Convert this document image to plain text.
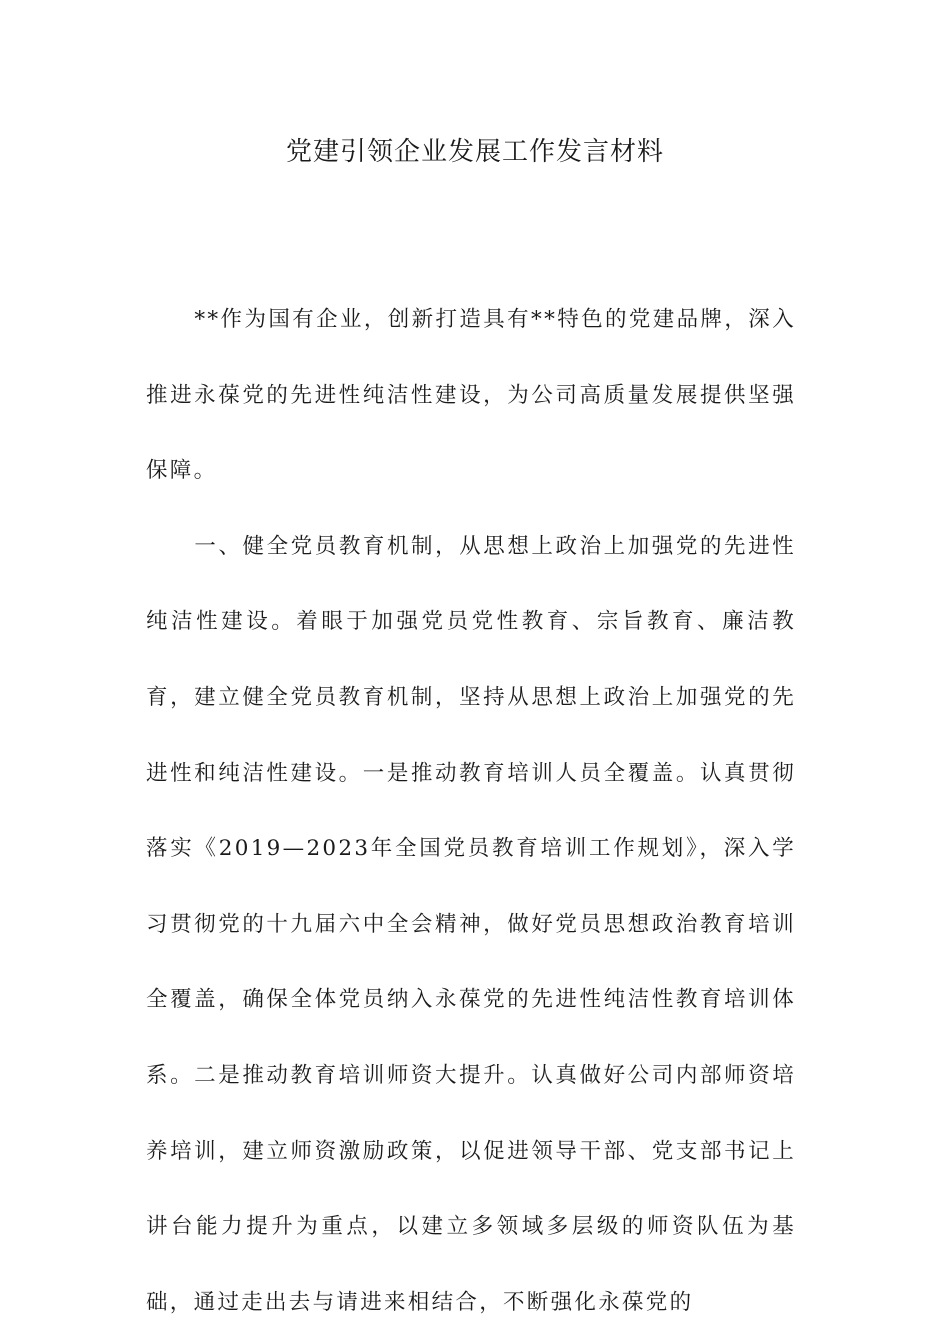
党建引领企业发展工作发言材料

**作为国有企业，创新打造具有**特色的党建品牌，深入推进永葆党的先进性纯洁性建设，为公司高质量发展提供坚强保障。

一、健全党员教育机制，从思想上政治上加强党的先进性纯洁性建设。着眼于加强党员党性教育、宗旨教育、廉洁教育，建立健全党员教育机制，坚持从思想上政治上加强党的先进性和纯洁性建设。一是推动教育培训人员全覆盖。认真贯彻落实《2019—2023年全国党员教育培训工作规划》，深入学习贯彻党的十九届六中全会精神，做好党员思想政治教育培训全覆盖，确保全体党员纳入永葆党的先进性纯洁性教育培训体系。二是推动教育培训师资大提升。认真做好公司内部师资培养培训，建立师资激励政策，以促进领导干部、党支部书记上讲台能力提升为重点，以建立多领域多层级的师资队伍为基础，通过走出去与请进来相结合，不断强化永葆党的
